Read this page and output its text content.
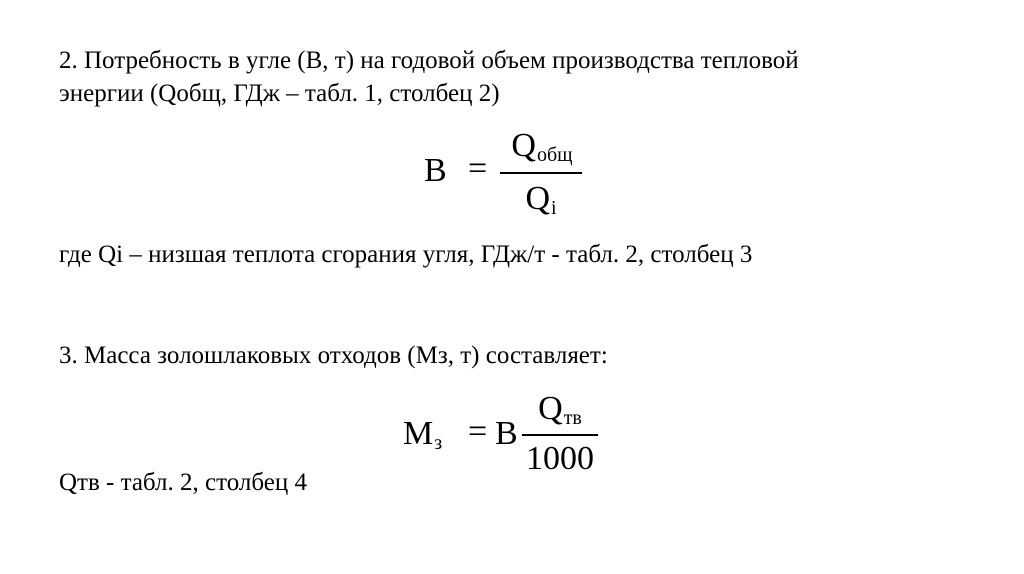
2. Потребность в угле (В, т) на годовой объем производства тепловой
энергии (Qобщ, ГДж – табл. 1, столбец 2)
B =
Qобщ
Qi
где Qi – низшая теплота сгорания угля, ГДж/т - табл. 2, столбец 3
3. Масса золошлаковых отходов (Мз, т) составляет:
$M_з = B$
Qтв
1000
Qтв - табл. 2, столбец 4
